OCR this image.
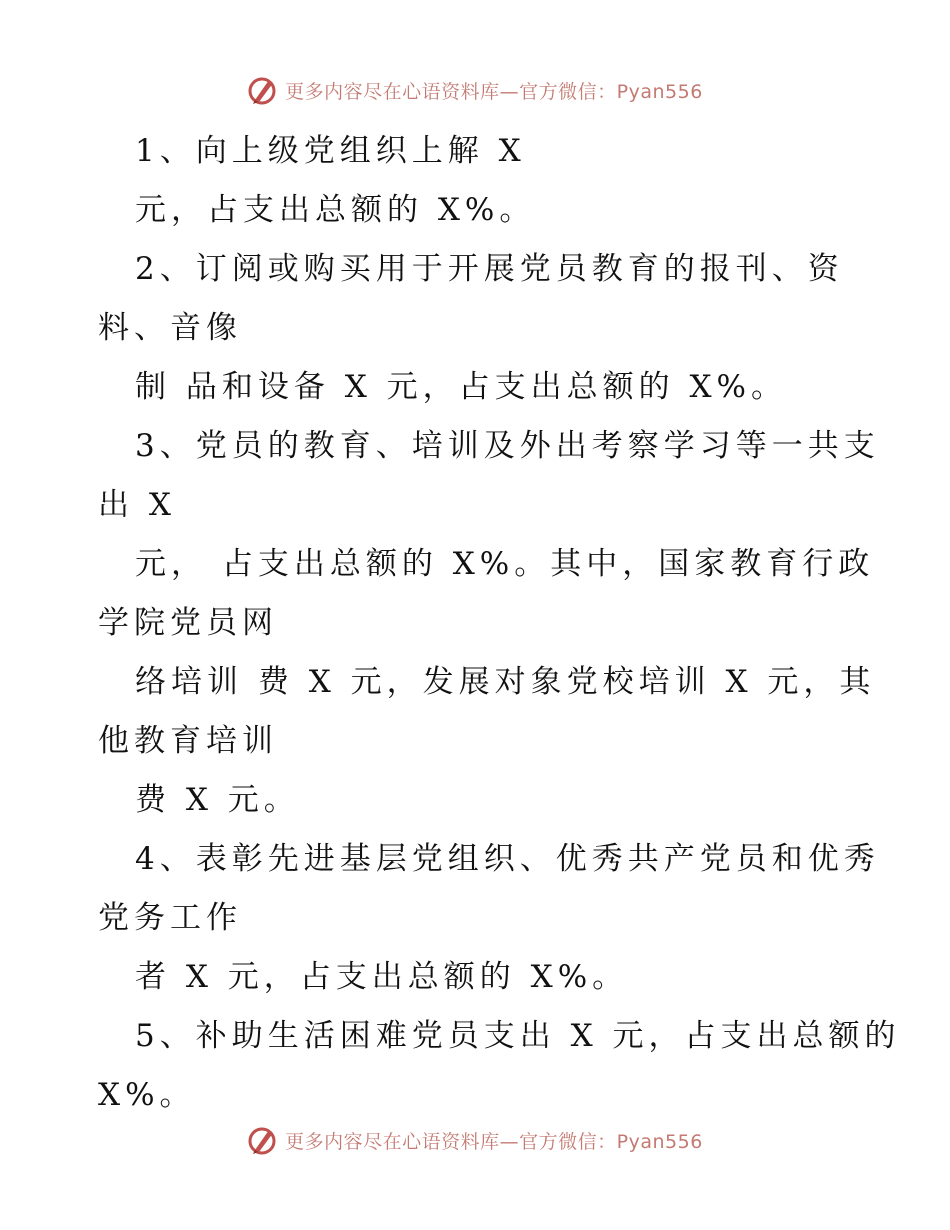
更多内容尽在心语资料库—官方微信：Pyan556
1、向上级党组织上解 X
元，占支出总额的 X%。
2、订阅或购买用于开展党员教育的报刊、资
料、音像
制 品和设备 X 元，占支出总额的 X%。
3、党员的教育、培训及外出考察学习等一共支
出 X
元， 占支出总额的 X%。其中，国家教育行政
学院党员网
络培训 费 X 元，发展对象党校培训 X 元，其
他教育培训
费 X 元。
4、表彰先进基层党组织、优秀共产党员和优秀
党务工作
者 X 元，占支出总额的 X%。
5、补助生活困难党员支出 X 元，占支出总额的
X%。
更多内容尽在心语资料库—官方微信：Pyan556
